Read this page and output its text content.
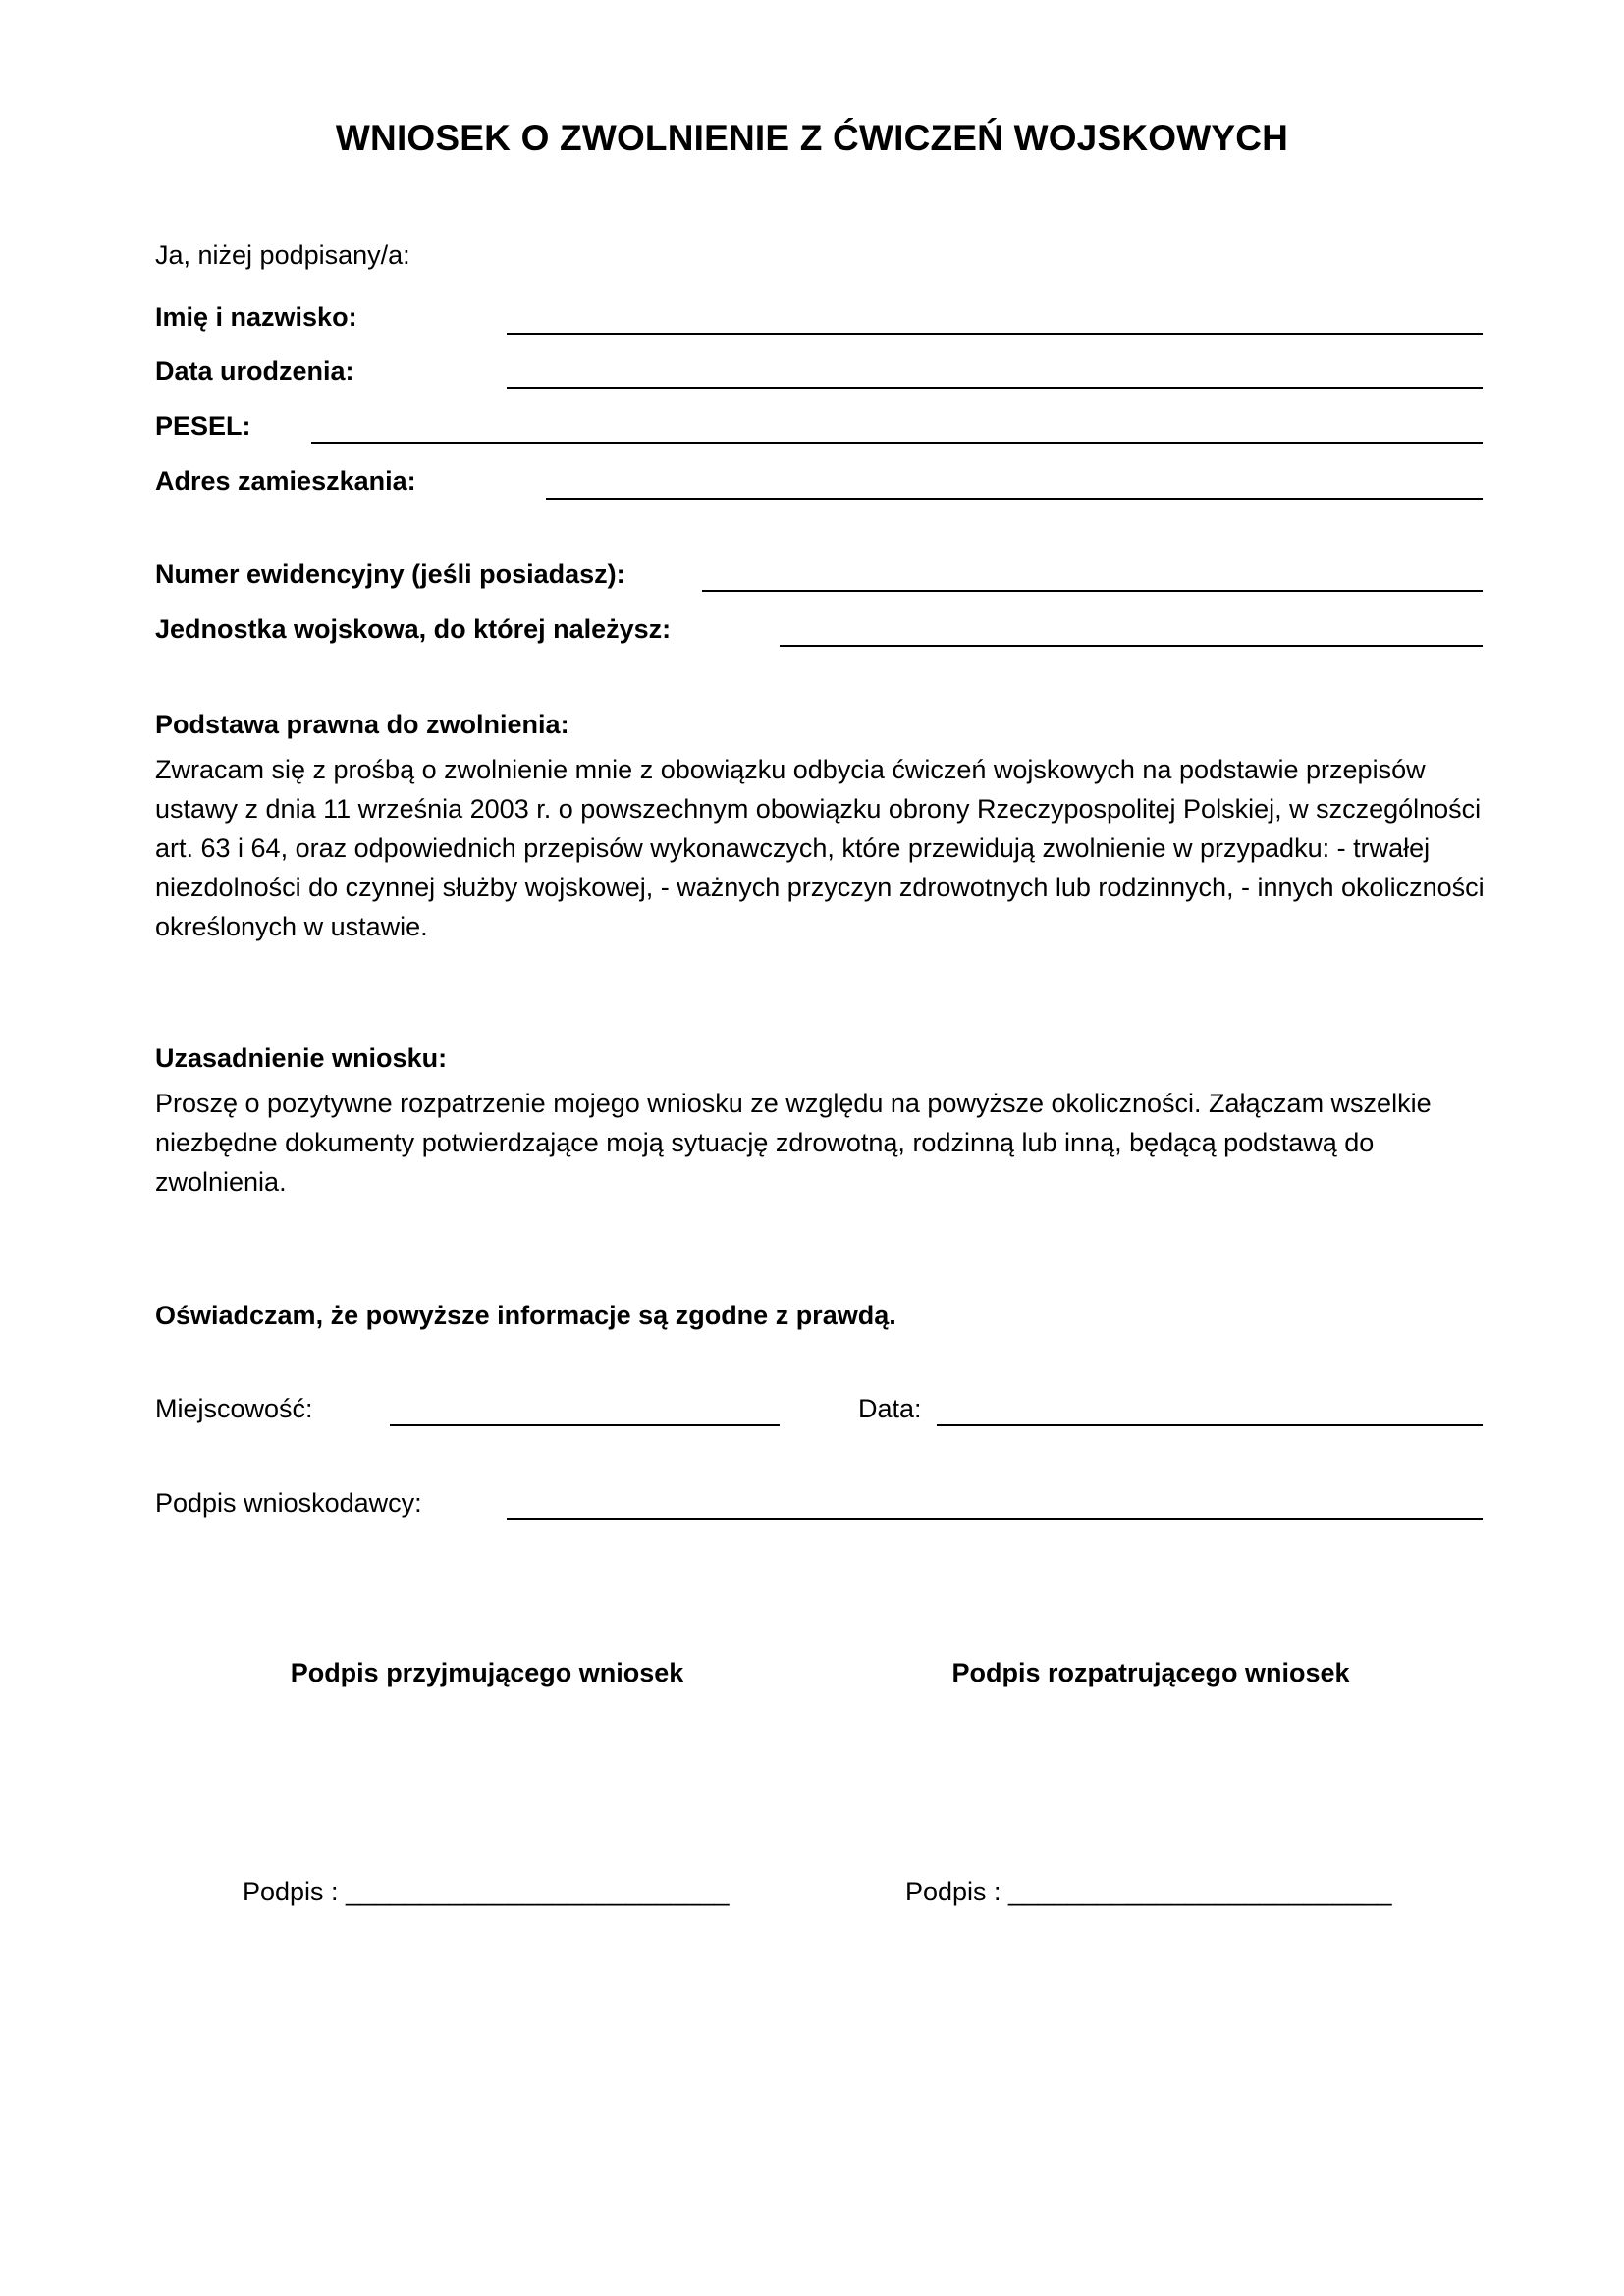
WNIOSEK O ZWOLNIENIE Z ĆWICZEŃ WOJSKOWYCH
Ja, niżej podpisany/a:
Imię i nazwisko:
Data urodzenia:
PESEL:
Adres zamieszkania:
Numer ewidencyjny (jeśli posiadasz):
Jednostka wojskowa, do której należysz:
Podstawa prawna do zwolnienia:
Zwracam się z prośbą o zwolnienie mnie z obowiązku odbycia ćwiczeń wojskowych na podstawie przepisów ustawy z dnia 11 września 2003 r. o powszechnym obowiązku obrony Rzeczypospolitej Polskiej, w szczególności art. 63 i 64, oraz odpowiednich przepisów wykonawczych, które przewidują zwolnienie w przypadku: - trwałej niezdolności do czynnej służby wojskowej, - ważnych przyczyn zdrowotnych lub rodzinnych, - innych okoliczności określonych w ustawie.
Uzasadnienie wniosku:
Proszę o pozytywne rozpatrzenie mojego wniosku ze względu na powyższe okoliczności. Załączam wszelkie niezbędne dokumenty potwierdzające moją sytuację zdrowotną, rodzinną lub inną, będącą podstawą do zwolnienia.
Oświadczam, że powyższe informacje są zgodne z prawdą.
Miejscowość:	Data:
Podpis wnioskodawcy:
Podpis przyjmującego wniosek	Podpis rozpatrującego wniosek
Podpis : __________________________	Podpis : __________________________
